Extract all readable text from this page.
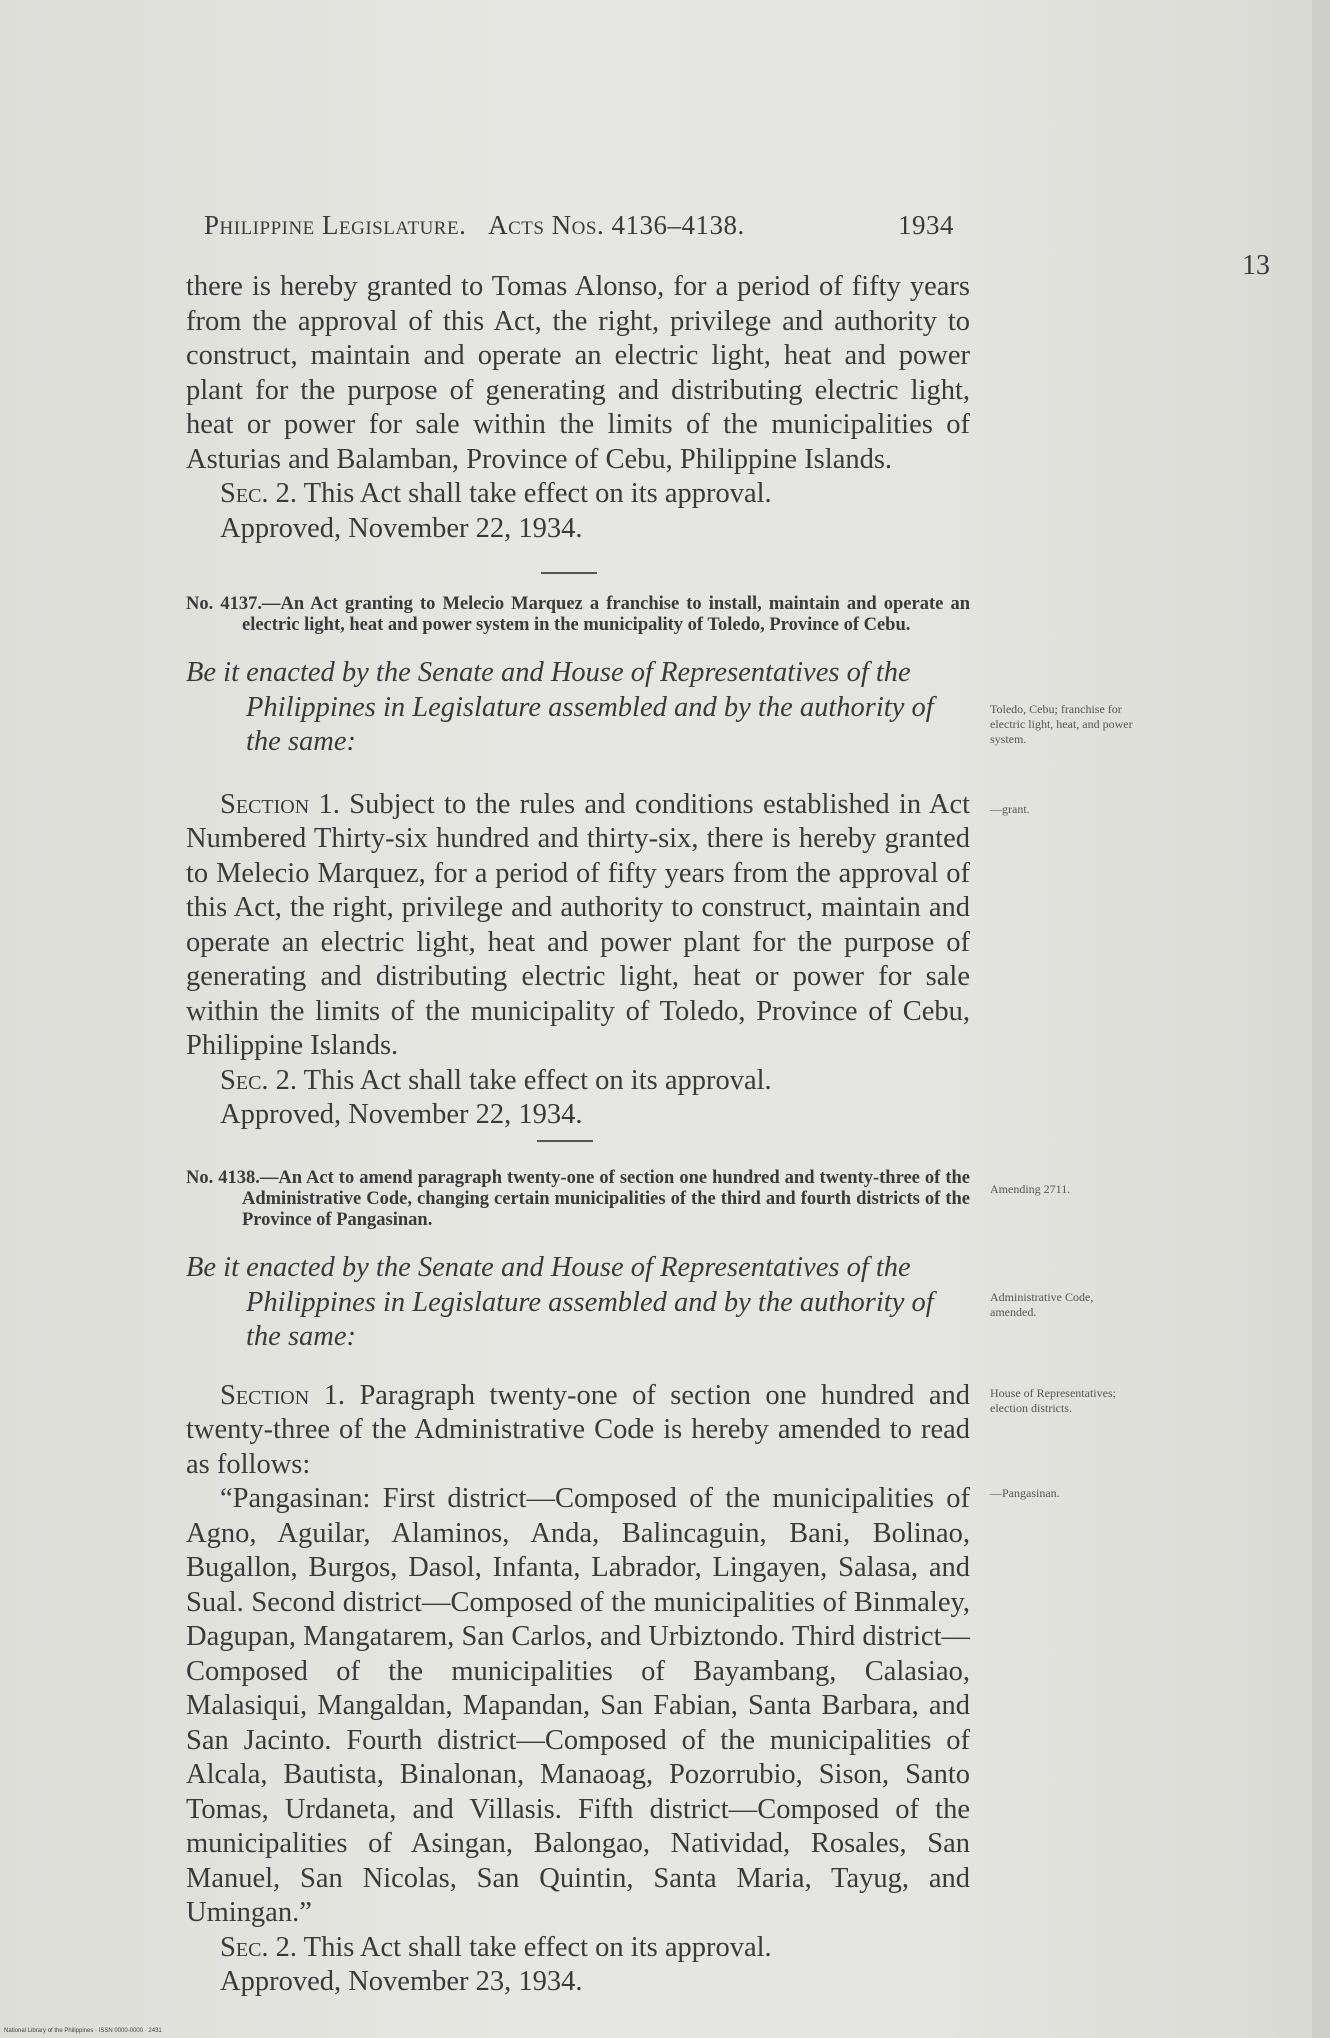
Philippine Legislature. Acts Nos. 4136–4138.	1934
13

there is hereby granted to Tomas Alonso, for a period of fifty years from the approval of this Act, the right, privilege and authority to construct, maintain and operate an electric light, heat and power plant for the purpose of generating and distributing electric light, heat or power for sale within the limits of the municipalities of Asturias and Balamban, Province of Cebu, Philippine Islands.

Sec. 2. This Act shall take effect on its approval.

Approved, November 22, 1934.

No. 4137.—An Act granting to Melecio Marquez a franchise to install, maintain and operate an electric light, heat and power system in the municipality of Toledo, Province of Cebu.

Be it enacted by the Senate and House of Representatives of the Philippines in Legislature assembled and by the authority of the same:

Section 1. Subject to the rules and conditions established in Act Numbered Thirty-six hundred and thirty-six, there is hereby granted to Melecio Marquez, for a period of fifty years from the approval of this Act, the right, privilege and authority to construct, maintain and operate an electric light, heat and power plant for the purpose of generating and distributing electric light, heat or power for sale within the limits of the municipality of Toledo, Province of Cebu, Philippine Islands.

Sec. 2. This Act shall take effect on its approval.

Approved, November 22, 1934.

Toledo, Cebu; franchise for electric light, heat, and power system.
—grant.

No. 4138.—An Act to amend paragraph twenty-one of section one hundred and twenty-three of the Administrative Code, changing certain municipalities of the third and fourth districts of the Province of Pangasinan.

Be it enacted by the Senate and House of Representatives of the Philippines in Legislature assembled and by the authority of the same:

Section 1. Paragraph twenty-one of section one hundred and twenty-three of the Administrative Code is hereby amended to read as follows:

“Pangasinan: First district—Composed of the municipalities of Agno, Aguilar, Alaminos, Anda, Balincaguin, Bani, Bolinao, Bugallon, Burgos, Dasol, Infanta, Labrador, Lingayen, Salasa, and Sual. Second district—Composed of the municipalities of Binmaley, Dagupan, Mangatarem, San Carlos, and Urbiztondo. Third district—Composed of the municipalities of Bayambang, Calasiao, Malasiqui, Mangaldan, Mapandan, San Fabian, Santa Barbara, and San Jacinto. Fourth district—Composed of the municipalities of Alcala, Bautista, Binalonan, Manaoag, Pozorrubio, Sison, Santo Tomas, Urdaneta, and Villasis. Fifth district—Composed of the municipalities of Asingan, Balongao, Natividad, Rosales, San Manuel, San Nicolas, San Quintin, Santa Maria, Tayug, and Umingan.”

Sec. 2. This Act shall take effect on its approval.

Approved, November 23, 1934.

Amending 2711.
Administrative Code, amended.
House of Representatives; election districts.
—Pangasinan.
National Library of the Philippines · ISSN 0000-0000 · 2431
